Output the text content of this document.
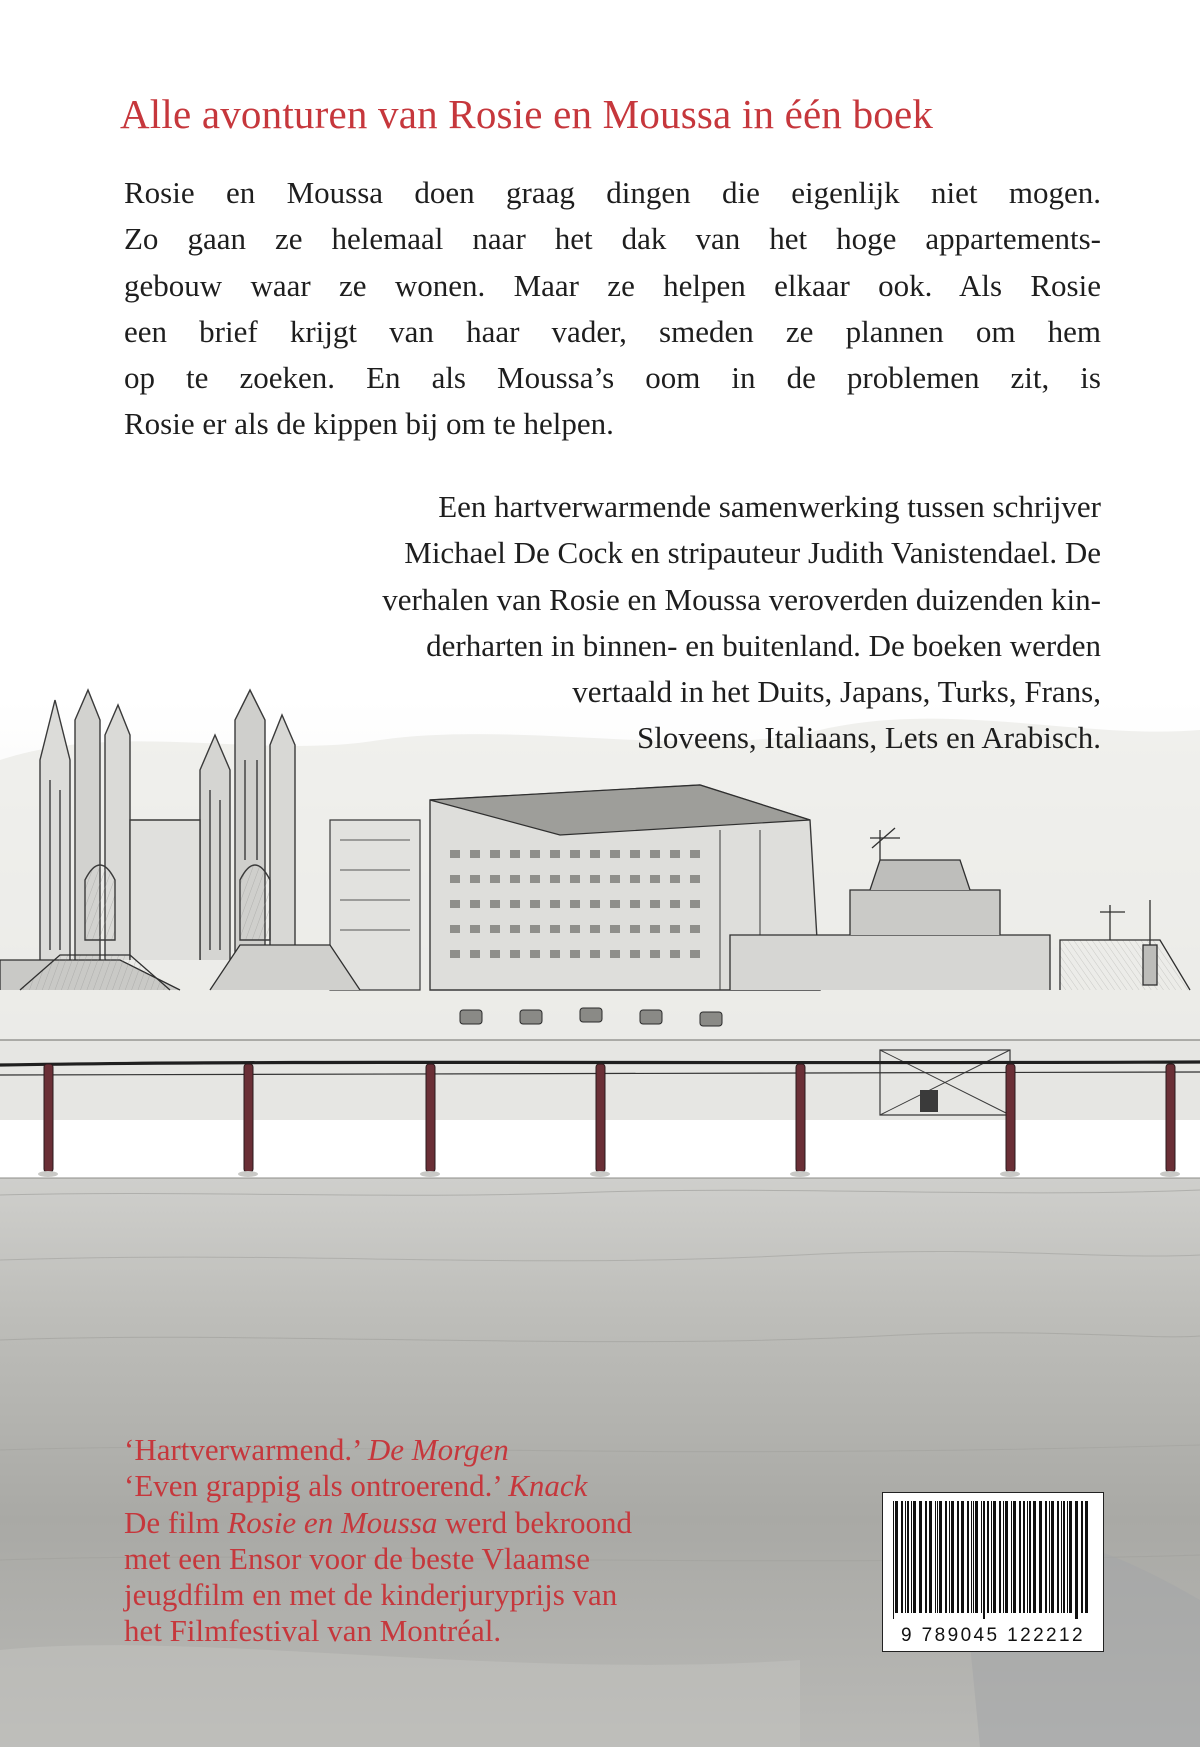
Alle avonturen van Rosie en Moussa in één boek
Rosie en Moussa doen graag dingen die eigenlijk niet mogen.
Zo gaan ze helemaal naar het dak van het hoge appartements-
gebouw waar ze wonen. Maar ze helpen elkaar ook. Als Rosie
een brief krijgt van haar vader, smeden ze plannen om hem
op te zoeken. En als Moussa’s oom in de problemen zit, is
Rosie er als de kippen bij om te helpen.
Een hartverwarmende samenwerking tussen schrijver
Michael De Cock en stripauteur Judith Vanistendael. De
verhalen van Rosie en Moussa veroverden duizenden kin-
derharten in binnen- en buitenland. De boeken werden
vertaald in het Duits, Japans, Turks, Frans,
Sloveens, Italiaans, Lets en Arabisch.
‘Hartverwarmend.’ De Morgen
‘Even grappig als ontroerend.’ Knack
De film Rosie en Moussa werd bekroond
met een Ensor voor de beste Vlaamse
jeugdfilm en met de kinderjuryprijs van
het Filmfestival van Montréal.	9 789045 122212
